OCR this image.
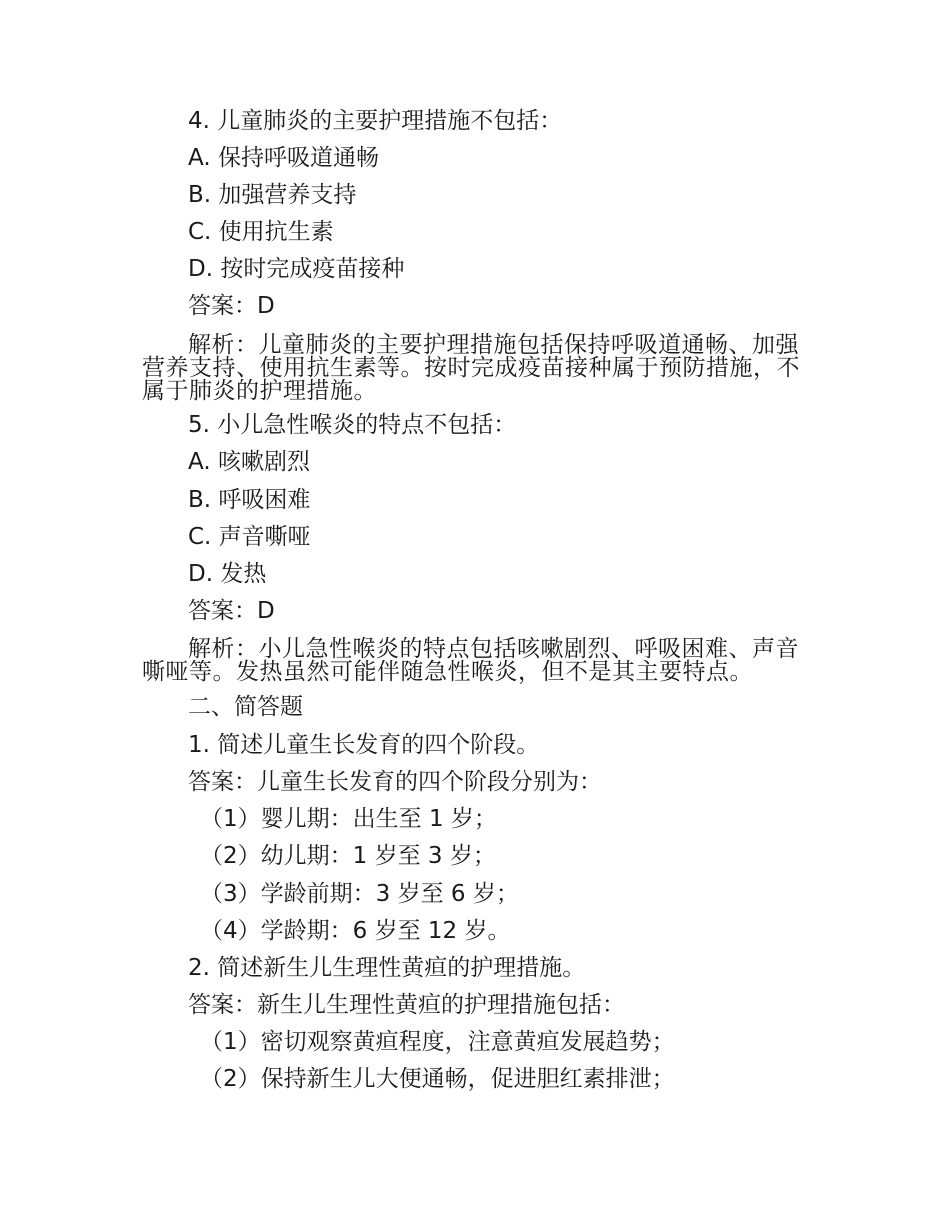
4. 儿童肺炎的主要护理措施不包括：
A. 保持呼吸道通畅
B. 加强营养支持
C. 使用抗生素
D. 按时完成疫苗接种
答案：D
解析：儿童肺炎的主要护理措施包括保持呼吸道通畅、加强营养支持、使用抗生素等。按时完成疫苗接种属于预防措施，不属于肺炎的护理措施。
5. 小儿急性喉炎的特点不包括：
A. 咳嗽剧烈
B. 呼吸困难
C. 声音嘶哑
D. 发热
答案：D
解析：小儿急性喉炎的特点包括咳嗽剧烈、呼吸困难、声音嘶哑等。发热虽然可能伴随急性喉炎，但不是其主要特点。
二、简答题
1. 简述儿童生长发育的四个阶段。
答案：儿童生长发育的四个阶段分别为：
（1）婴儿期：出生至 1 岁；
（2）幼儿期：1 岁至 3 岁；
（3）学龄前期：3 岁至 6 岁；
（4）学龄期：6 岁至 12 岁。
2. 简述新生儿生理性黄疸的护理措施。
答案：新生儿生理性黄疸的护理措施包括：
（1）密切观察黄疸程度，注意黄疸发展趋势；
（2）保持新生儿大便通畅，促进胆红素排泄；
